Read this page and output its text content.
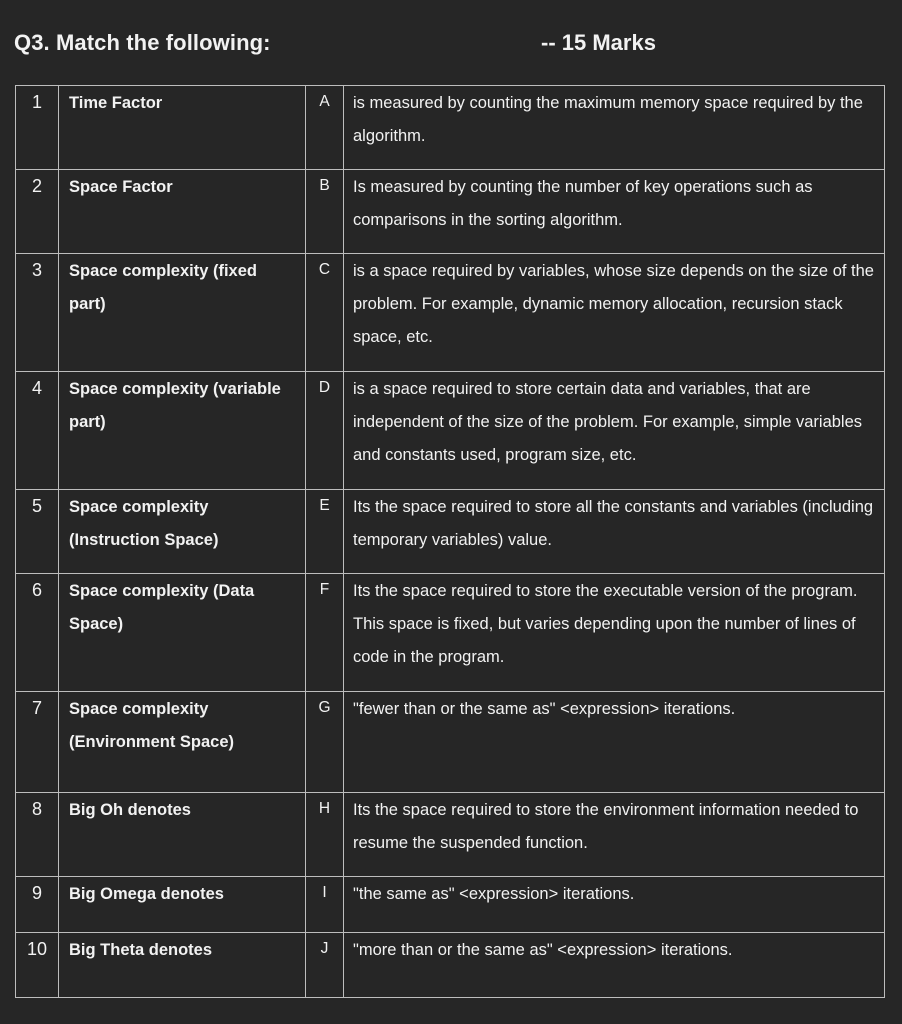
Q3. Match the following:	-- 15 Marks
1	Time Factor	A	is measured by counting the maximum memory space required by the algorithm.
2	Space Factor	B	Is measured by counting the number of key operations such as comparisons in the sorting algorithm.
3	Space complexity (fixed part)	C	is a space required by variables, whose size depends on the size of the problem. For example, dynamic memory allocation, recursion stack space, etc.
4	Space complexity (variable part)	D	is a space required to store certain data and variables, that are independent of the size of the problem. For example, simple variables and constants used, program size, etc.
5	Space complexity (Instruction Space)	E	Its the space required to store all the constants and variables (including temporary variables) value.
6	Space complexity (Data Space)	F	Its the space required to store the executable version of the program. This space is fixed, but varies depending upon the number of lines of code in the program.
7	Space complexity (Environment Space)	G	"fewer than or the same as" <expression> iterations.
8	Big Oh denotes	H	Its the space required to store the environment information needed to resume the suspended function.
9	Big Omega denotes	I	"the same as" <expression> iterations.
10	Big Theta denotes	J	"more than or the same as" <expression> iterations.
